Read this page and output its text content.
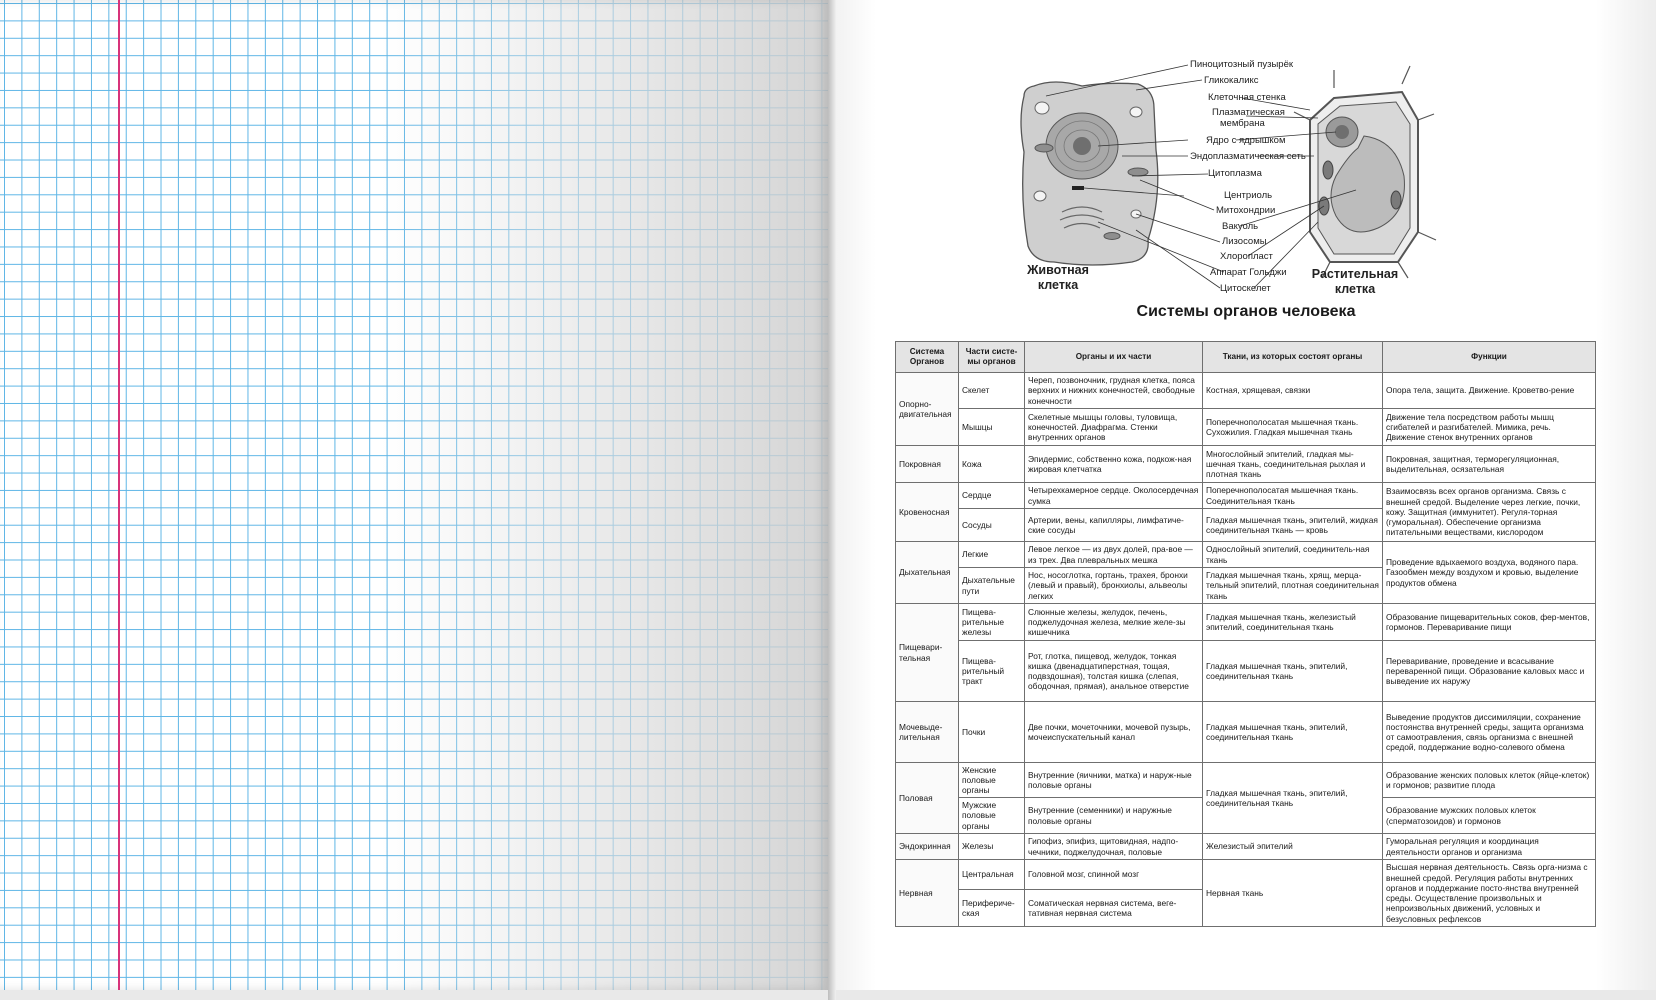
Пиноцитозный пузырёк
Гликокаликс
Клеточная стенка
Плазматическая
мембрана
Ядро с ядрышком
Эндоплазматическая сеть
Цитоплазма
Центриоль
Митохондрии
Вакуоль
Лизосомы
Хлоропласт
Аппарат Гольджи
Цитоскелет
Животная
клетка
Растительная
клетка
Системы органов человека
Система Органов	Части систе-мы органов	Органы и их части	Ткани, из которых состоят органы	Функции
Опорно-двигательная	Скелет	Череп, позвоночник, грудная клетка, пояса верхних и нижних конечностей, свободные конечности	Костная, хрящевая, связки	Опора тела, защита. Движение. Кроветво-рение
	Мышцы	Скелетные мышцы головы, туловища, конечностей. Диафрагма. Стенки внутренних органов	Поперечнополосатая мышечная ткань. Сухожилия. Гладкая мышечная ткань	Движение тела посредством работы мышц сгибателей и разгибателей. Мимика, речь. Движение стенок внутренних органов
Покровная	Кожа	Эпидермис, собственно кожа, подкож-ная жировая клетчатка	Многослойный эпителий, гладкая мы-шечная ткань, соединительная рыхлая и плотная ткань	Покровная, защитная, терморегуляционная, выделительная, осязательная
Кровеносная	Сердце	Четырехкамерное сердце. Околосердечная сумка	Поперечнополосатая мышечная ткань. Соединительная ткань	Взаимосвязь всех органов организма. Связь с внешней средой. Выделение через легкие, почки, кожу. Защитная (иммунитет). Регуля-торная (гуморальная). Обеспечение организма питательными веществами, кислородом
	Сосуды	Артерии, вены, капилляры, лимфатиче-ские сосуды	Гладкая мышечная ткань, эпителий, жидкая соединительная ткань — кровь	
Дыхательная	Легкие	Левое легкое — из двух долей, пра-вое — из трех. Два плевральных мешка	Однослойный эпителий, соединитель-ная ткань	Проведение вдыхаемого воздуха, водяного пара. Газообмен между воздухом и кровью, выделение продуктов обмена
	Дыхательные пути	Нос, носоглотка, гортань, трахея, бронхи (левый и правый), бронхиолы, альвеолы легких	Гладкая мышечная ткань, хрящ, мерца-тельный эпителий, плотная соединительная ткань	
Пищевари-тельная	Пищева-рительные железы	Слюнные железы, желудок, печень, поджелудочная железа, мелкие желе-зы кишечника	Гладкая мышечная ткань, железистый эпителий, соединительная ткань	Образование пищеварительных соков, фер-ментов, гормонов. Переваривание пищи
	Пищева-рительный тракт	Рот, глотка, пищевод, желудок, тонкая кишка (двенадцатиперстная, тощая, подвздошная), толстая кишка (слепая, ободочная, прямая), анальное отверстие	Гладкая мышечная ткань, эпителий, соединительная ткань	Переваривание, проведение и всасывание переваренной пищи. Образование каловых масс и выведение их наружу
Мочевыде-лительная	Почки	Две почки, мочеточники, мочевой пузырь, мочеиспускательный канал	Гладкая мышечная ткань, эпителий, соединительная ткань	Выведение продуктов диссимиляции, сохранение постоянства внутренней среды, защита организма от самоотравления, связь организма с внешней средой, поддержание водно-солевого обмена
Половая	Женские половые органы	Внутренние (яичники, матка) и наруж-ные половые органы	Гладкая мышечная ткань, эпителий, соединительная ткань	Образование женских половых клеток (яйце-клеток) и гормонов; развитие плода
	Мужские половые органы	Внутренние (семенники) и наружные половые органы		Образование мужских половых клеток (сперматозоидов) и гормонов
Эндокринная	Железы	Гипофиз, эпифиз, щитовидная, надпо-чечники, поджелудочная, половые	Железистый эпителий	Гуморальная регуляция и координация деятельности органов и организма
Нервная	Центральная	Головной мозг, спинной мозг	Нервная ткань	Высшая нервная деятельность. Связь орга-низма с внешней средой. Регуляция работы внутренних органов и поддержание посто-янства внутренней среды. Осуществление произвольных и непроизвольных движений, условных и безусловных рефлексов
	Перифериче-ская	Соматическая нервная система, веге-тативная нервная система		
